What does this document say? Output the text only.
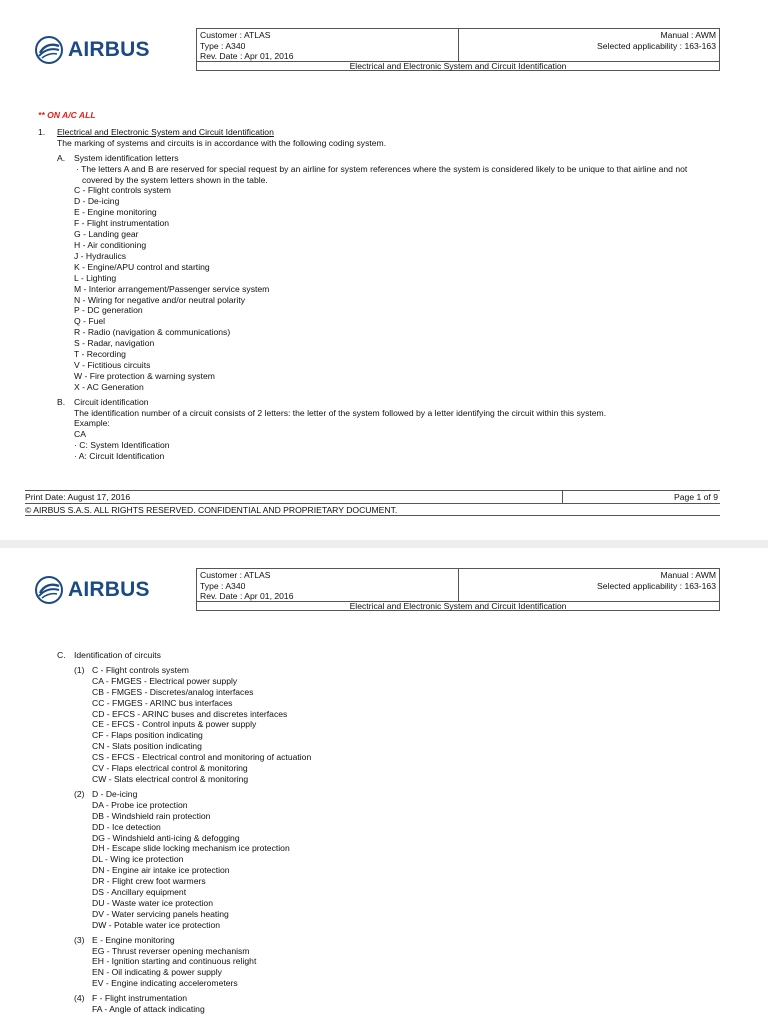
AIRBUS
Customer : ATLAS
Type : A340
Rev. Date : Apr 01, 2016
Manual : AWM
Selected applicability : 163-163
Electrical and Electronic System and Circuit Identification
** ON A/C ALL
1. Electrical and Electronic System and Circuit Identification
The marking of systems and circuits is in accordance with the following coding system.
A. System identification letters
· The letters A and B are reserved for special request by an airline for system references where the system is considered likely to be unique to that airline and not
covered by the system letters shown in the table.
C - Flight controls system
D - De-icing
E - Engine monitoring
F - Flight instrumentation
G - Landing gear
H - Air conditioning
J - Hydraulics
K - Engine/APU control and starting
L - Lighting
M - Interior arrangement/Passenger service system
N - Wiring for negative and/or neutral polarity
P - DC generation
Q - Fuel
R - Radio (navigation & communications)
S - Radar, navigation
T - Recording
V - Fictitious circuits
W - Fire protection & warning system
X - AC Generation
B. Circuit identification
The identification number of a circuit consists of 2 letters: the letter of the system followed by a letter identifying the circuit within this system.
Example:
CA
· C: System Identification
· A: Circuit Identification
Print Date: August 17, 2016	Page 1 of 9
© AIRBUS S.A.S. ALL RIGHTS RESERVED. CONFIDENTIAL AND PROPRIETARY DOCUMENT.
AIRBUS
Customer : ATLAS
Type : A340
Rev. Date : Apr 01, 2016
Manual : AWM
Selected applicability : 163-163
Electrical and Electronic System and Circuit Identification
C. Identification of circuits
(1) C - Flight controls system
CA - FMGES - Electrical power supply
CB - FMGES - Discretes/analog interfaces
CC - FMGES - ARINC bus interfaces
CD - EFCS - ARINC buses and discretes interfaces
CE - EFCS - Control inputs & power supply
CF - Flaps position indicating
CN - Slats position indicating
CS - EFCS - Electrical control and monitoring of actuation
CV - Flaps electrical control & monitoring
CW - Slats electrical control & monitoring
(2) D - De-icing
DA - Probe ice protection
DB - Windshield rain protection
DD - Ice detection
DG - Windshield anti-icing & defogging
DH - Escape slide locking mechanism ice protection
DL - Wing ice protection
DN - Engine air intake ice protection
DR - Flight crew foot warmers
DS - Ancillary equipment
DU - Waste water ice protection
DV - Water servicing panels heating
DW - Potable water ice protection
(3) E - Engine monitoring
EG - Thrust reverser opening mechanism
EH - Ignition starting and continuous relight
EN - Oil indicating & power supply
EV - Engine indicating accelerometers
(4) F - Flight instrumentation
FA - Angle of attack indicating
